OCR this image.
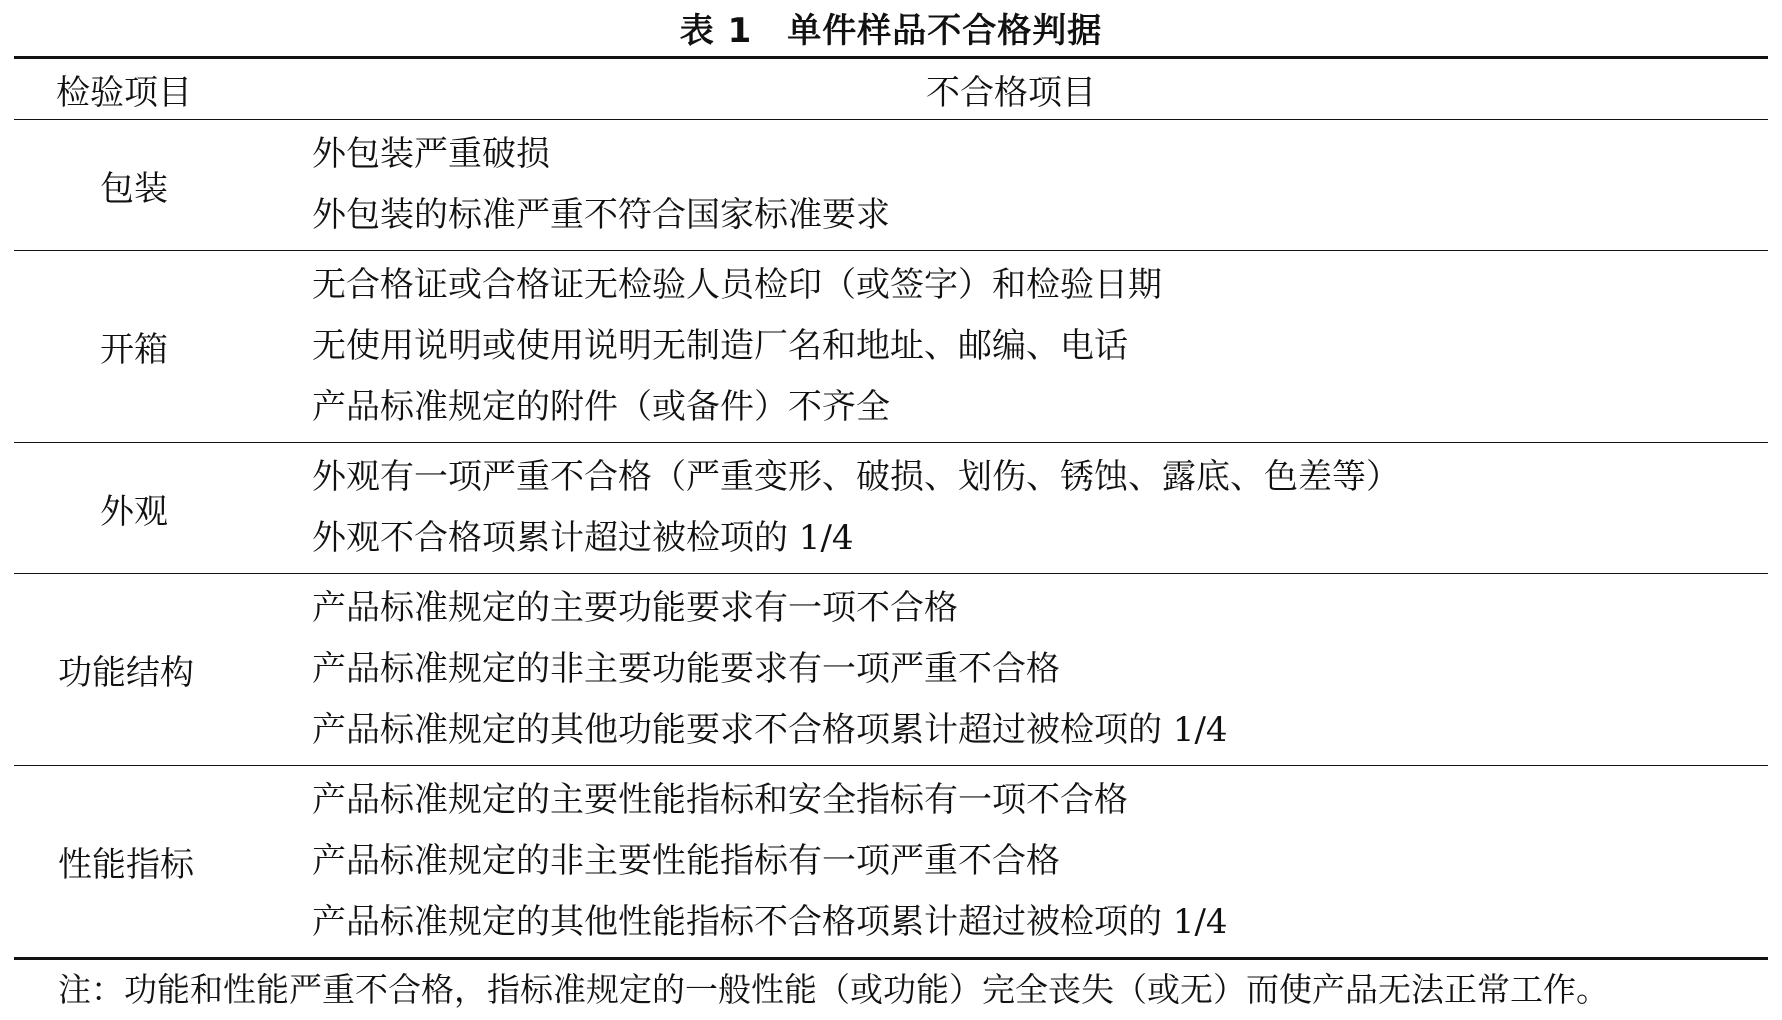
表 1　单件样品不合格判据
检验项目	不合格项目

包装	外包装严重破损
外包装的标准严重不符合国家标准要求

开箱	无合格证或合格证无检验人员检印（或签字）和检验日期
无使用说明或使用说明无制造厂名和地址、邮编、电话
产品标准规定的附件（或备件）不齐全

外观	外观有一项严重不合格（严重变形、破损、划伤、锈蚀、露底、色差等）
外观不合格项累计超过被检项的 1/4

功能结构	产品标准规定的主要功能要求有一项不合格
产品标准规定的非主要功能要求有一项严重不合格
产品标准规定的其他功能要求不合格项累计超过被检项的 1/4

性能指标	产品标准规定的主要性能指标和安全指标有一项不合格
产品标准规定的非主要性能指标有一项严重不合格
产品标准规定的其他性能指标不合格项累计超过被检项的 1/4
注：功能和性能严重不合格，指标准规定的一般性能（或功能）完全丧失（或无）而使产品无法正常工作。
